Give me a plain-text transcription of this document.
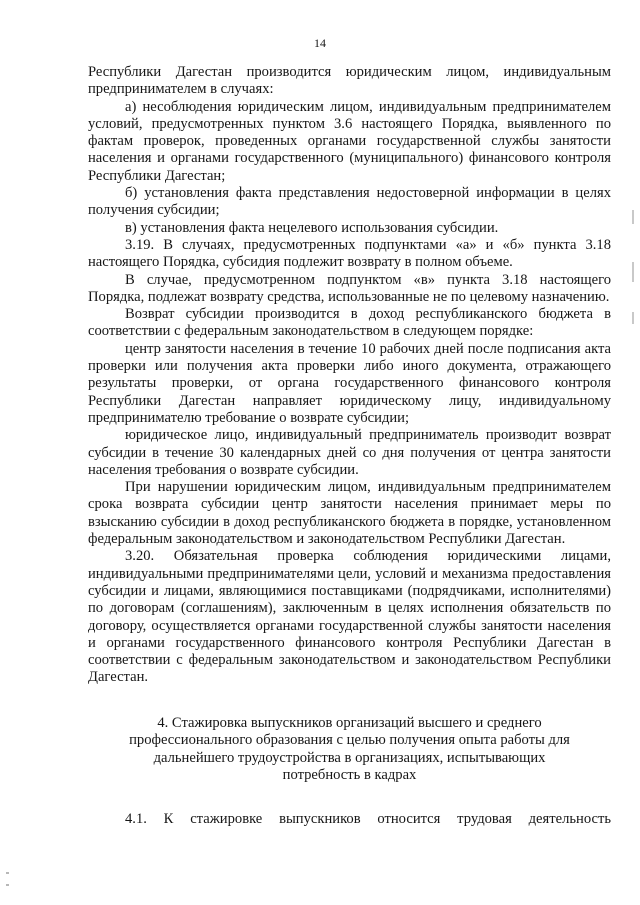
14

Республики Дагестан производится юридическим лицом, индивидуальным предпринимателем в случаях:

а) несоблюдения юридическим лицом, индивидуальным предпринимателем условий, предусмотренных пунктом 3.6 настоящего Порядка, выявленного по фактам проверок, проведенных органами государственной службы занятости населения и органами государственного (муниципального) финансового контроля Республики Дагестан;

б) установления факта представления недостоверной информации в целях получения субсидии;

в) установления факта нецелевого использования субсидии.

3.19. В случаях, предусмотренных подпунктами «а» и «б» пункта 3.18 настоящего Порядка, субсидия подлежит возврату в полном объеме.

В случае, предусмотренном подпунктом «в» пункта 3.18 настоящего Порядка, подлежат возврату средства, использованные не по целевому назначению.

Возврат субсидии производится в доход республиканского бюджета в соответствии с федеральным законодательством в следующем порядке:

центр занятости населения в течение 10 рабочих дней после подписания акта проверки или получения акта проверки либо иного документа, отражающего результаты проверки, от органа государственного финансового контроля Республики Дагестан направляет юридическому лицу, индивидуальному предпринимателю требование о возврате субсидии;

юридическое лицо, индивидуальный предприниматель производит возврат субсидии в течение 30 календарных дней со дня получения от центра занятости населения требования о возврате субсидии.

При нарушении юридическим лицом, индивидуальным предпринимателем срока возврата субсидии центр занятости населения принимает меры по взысканию субсидии в доход республиканского бюджета в порядке, установленном федеральным законодательством и законодательством Республики Дагестан.

3.20. Обязательная проверка соблюдения юридическими лицами, индивидуальными предпринимателями цели, условий и механизма предоставления субсидии и лицами, являющимися поставщиками (подрядчиками, исполнителями) по договорам (соглашениям), заключенным в целях исполнения обязательств по договору, осуществляется органами государственной службы занятости населения и органами государственного финансового контроля Республики Дагестан в соответствии с федеральным законодательством и законодательством Республики Дагестан.

4. Стажировка выпускников организаций высшего и среднего
профессионального образования с целью получения опыта работы для
дальнейшего трудоустройства в организациях, испытывающих
потребность в кадрах

4.1. К стажировке выпускников относится трудовая деятельность
